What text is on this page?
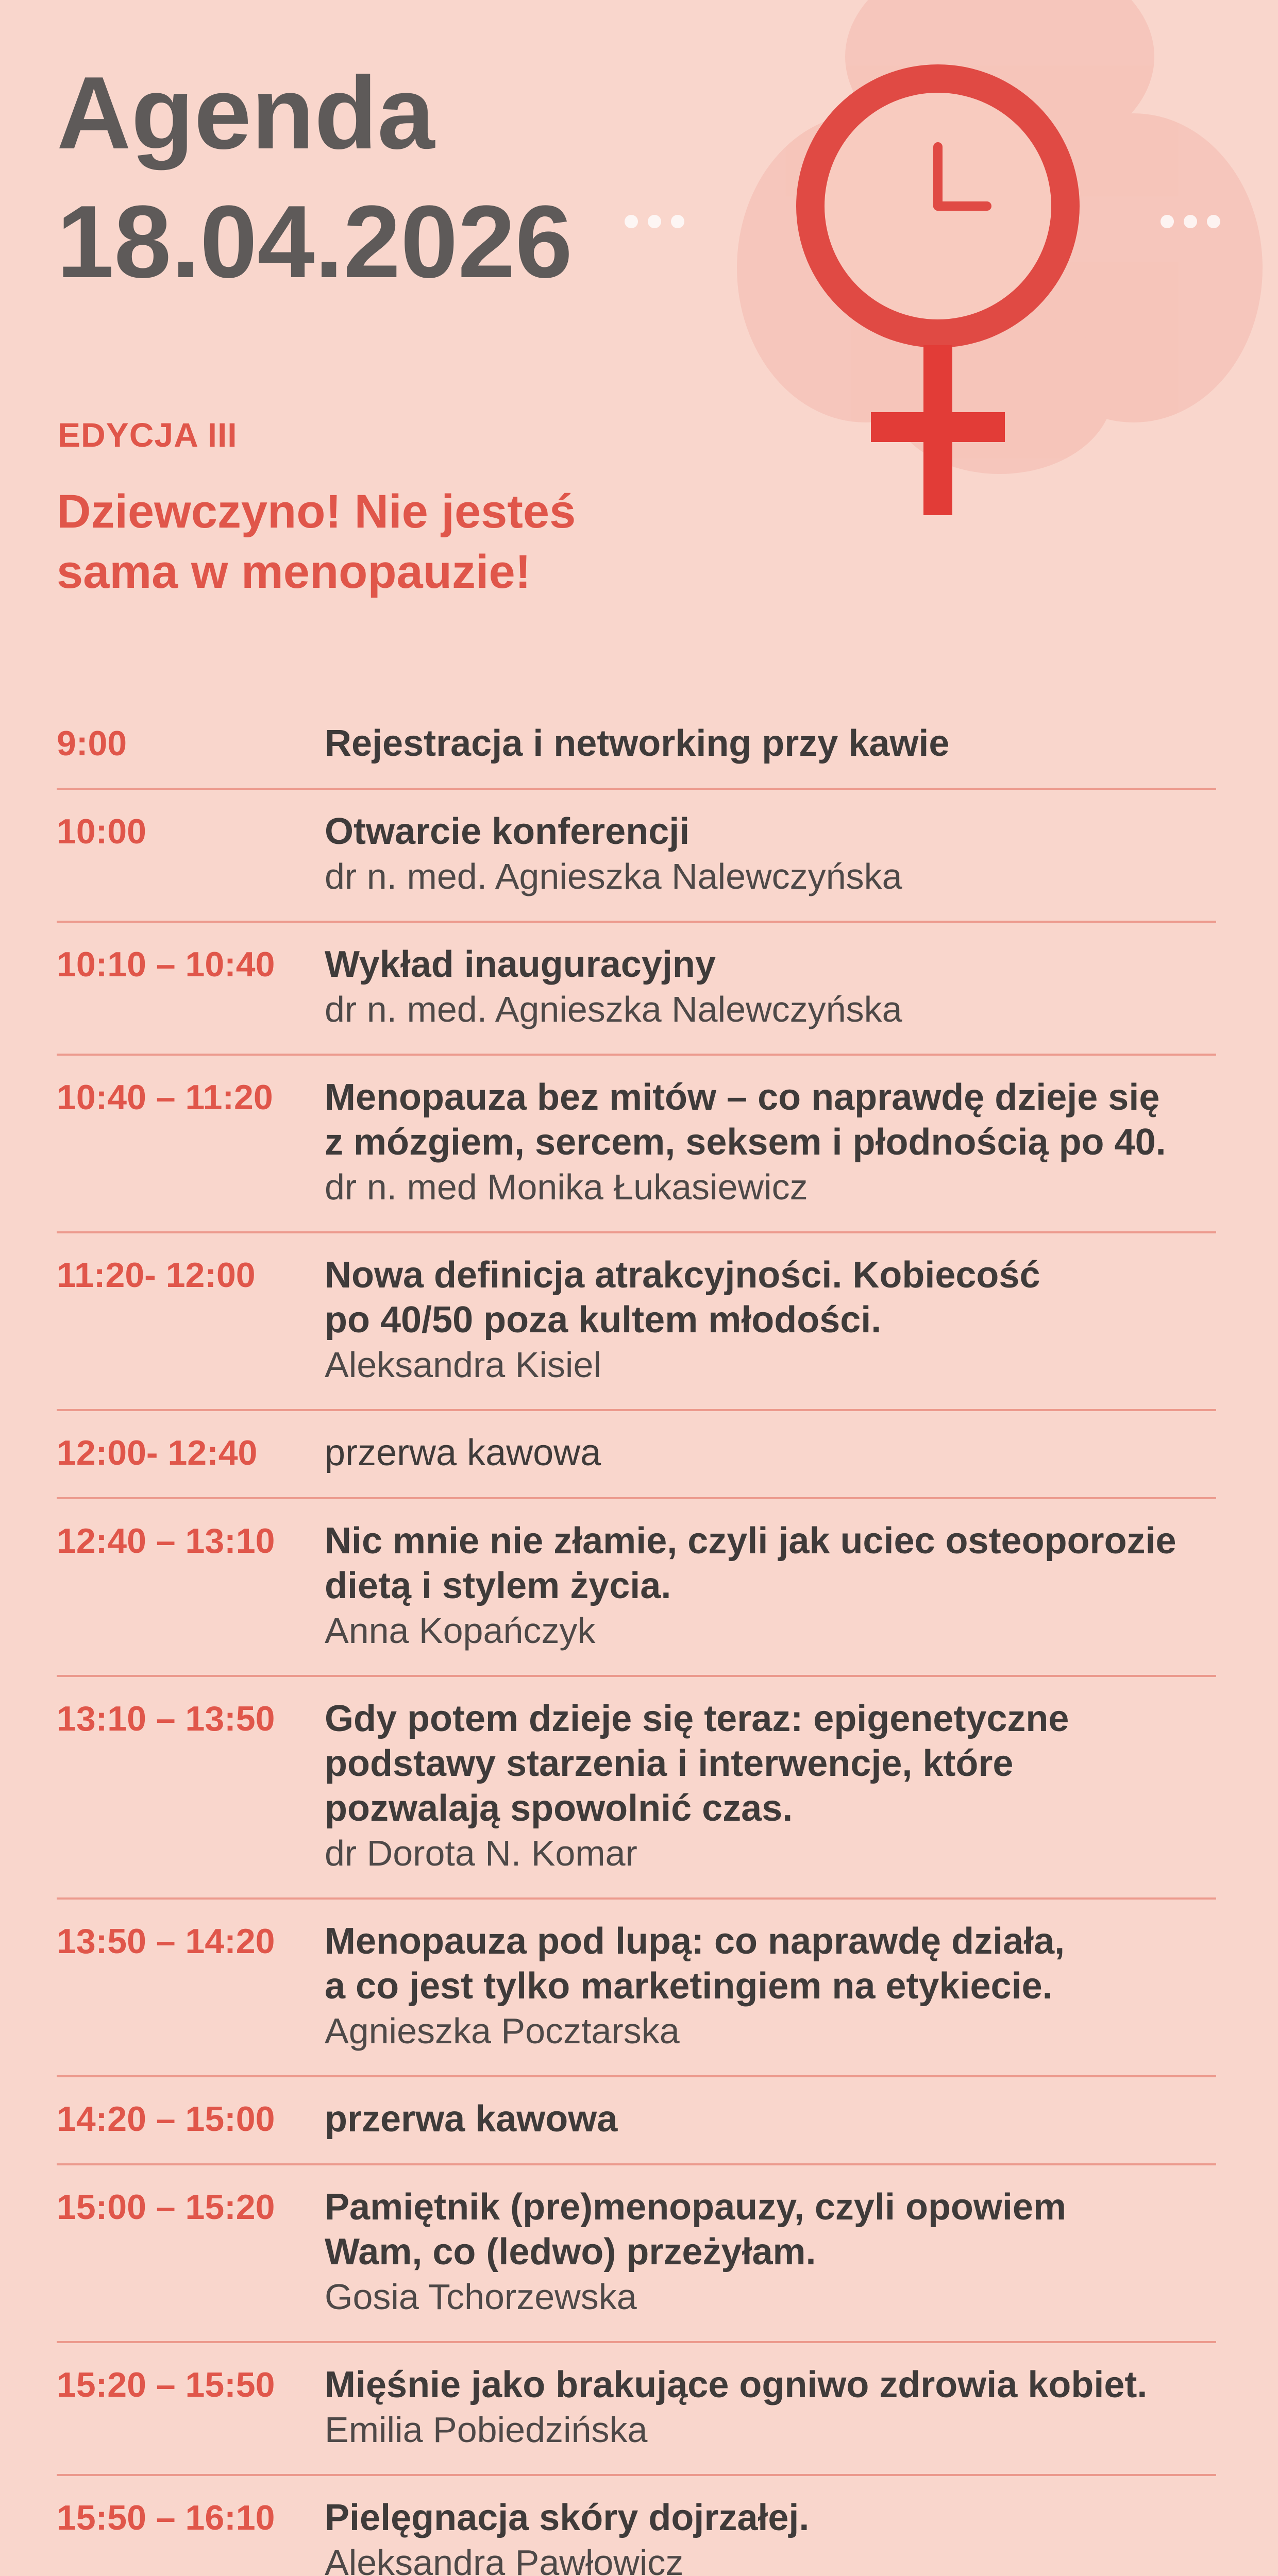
Agenda
18.04.2026
EDYCJA III
Dziewczyno! Nie jesteś
sama w menopauzie!
9:00	Rejestracja i networking przy kawie
10:00	Otwarcie konferencji
dr n. med. Agnieszka Nalewczyńska
10:10 – 10:40	Wykład inauguracyjny
dr n. med. Agnieszka Nalewczyńska
10:40 – 11:20	Menopauza bez mitów – co naprawdę dzieje się
z mózgiem, sercem, seksem i płodnością po 40.
dr n. med Monika Łukasiewicz
11:20- 12:00	Nowa definicja atrakcyjności. Kobiecość
po 40/50 poza kultem młodości.
Aleksandra Kisiel
12:00- 12:40	przerwa kawowa
12:40 – 13:10	Nic mnie nie złamie, czyli jak uciec osteoporozie
dietą i stylem życia.
Anna Kopańczyk
13:10 – 13:50	Gdy potem dzieje się teraz: epigenetyczne
podstawy starzenia i interwencje, które
pozwalają spowolnić czas.
dr Dorota N. Komar
13:50 – 14:20	Menopauza pod lupą: co naprawdę działa,
a co jest tylko marketingiem na etykiecie.
Agnieszka Pocztarska
14:20 – 15:00	przerwa kawowa
15:00 – 15:20	Pamiętnik (pre)menopauzy, czyli opowiem
Wam, co (ledwo) przeżyłam.
Gosia Tchorzewska
15:20 – 15:50	Mięśnie jako brakujące ogniwo zdrowia kobiet.
Emilia Pobiedzińska
15:50 – 16:10	Pielęgnacja skóry dojrzałej.
Aleksandra Pawłowicz
